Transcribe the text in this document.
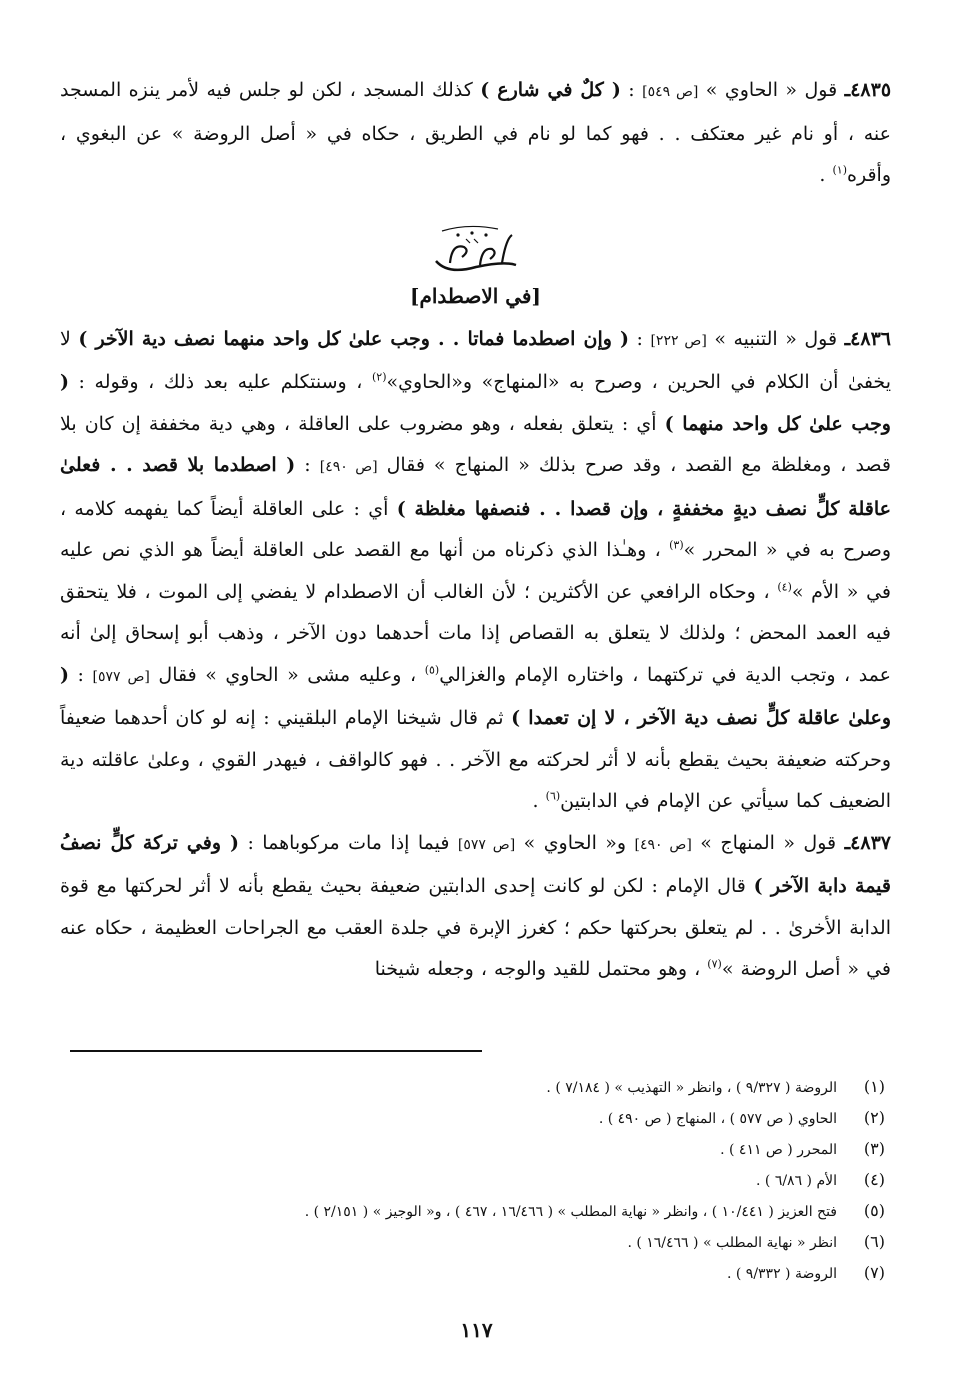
٤٨٣٥ـ قول « الحاوي » [ص ٥٤٩] : ( كلٌ في شارع ) كذلك المسجد ، لكن لو جلس فيه لأمر ينزه المسجد عنه ، أو نام غير معتكف . . فهو كما لو نام في الطريق ، حكاه في « أصل الروضة » عن البغوي ، وأقره$^{(١)}$ .

[في الاصطدام]

٤٨٣٦ـ قول « التنبيه » [ص ٢٢٢] : ( وإن اصطدما فماتا . . وجب علىٰ كل واحد منهما نصف دية الآخر ) لا يخفىٰ أن الكلام في الحرين ، وصرح به «المنهاج» و«الحاوي»$^{(٢)}$ ، وسنتكلم عليه بعد ذلك ، وقوله : ( وجب علىٰ كل واحد منهما ) أي : يتعلق بفعله ، وهو مضروب على العاقلة ، وهي دية مخففة إن كان بلا قصد ، ومغلظة مع القصد ، وقد صرح بذلك « المنهاج » فقال [ص ٤٩٠] : ( اصطدما بلا قصد . . فعلىٰ عاقلة كلٍّ نصف ديةٍ مخففةٍ ، وإن قصدا . . فنصفها مغلظة ) أي : على العاقلة أيضاً كما يفهمه كلامه ، وصرح به في « المحرر »$^{(٣)}$ ، وهـٰذا الذي ذكرناه من أنها مع القصد على العاقلة أيضاً هو الذي نص عليه في « الأم »$^{(٤)}$ ، وحكاه الرافعي عن الأكثرين ؛ لأن الغالب أن الاصطدام لا يفضي إلى الموت ، فلا يتحقق فيه العمد المحض ؛ ولذلك لا يتعلق به القصاص إذا مات أحدهما دون الآخر ، وذهب أبو إسحاق إلىٰ أنه عمد ، وتجب الدية في تركتهما ، واختاره الإمام والغزالي$^{(٥)}$ ، وعليه مشى « الحاوي » فقال [ص ٥٧٧] : ( وعلىٰ عاقلة كلٍّ نصف دية الآخر ، لا إن تعمدا ) ثم قال شيخنا الإمام البلقيني : إنه لو كان أحدهما ضعيفاً وحركته ضعيفة بحيث يقطع بأنه لا أثر لحركته مع الآخر . . فهو كالواقف ، فيهدر القوي ، وعلىٰ عاقلته دية الضعيف كما سيأتي عن الإمام في الدابتين$^{(٦)}$ .

٤٨٣٧ـ قول « المنهاج » [ص ٤٩٠] و« الحاوي » [ص ٥٧٧] فيما إذا مات مركوباهما : ( وفي تركة كلٍّ نصفُ قيمة دابة الآخر ) قال الإمام : لكن لو كانت إحدى الدابتين ضعيفة بحيث يقطع بأنه لا أثر لحركتها مع قوة الدابة الأخرىٰ . . لم يتعلق بحركتها حكم ؛ كغرز الإبرة في جلدة العقب مع الجراحات العظيمة ، حكاه عنه في « أصل الروضة »$^{(٧)}$ ، وهو محتمل للقيد والوجه ، وجعله شيخنا

(١)الروضة ( ٩/٣٢٧ ) ، وانظر « التهذيب » ( ٧/١٨٤ ) .
(٢)الحاوي ( ص ٥٧٧ ) ، المنهاج ( ص ٤٩٠ ) .
(٣)المحرر ( ص ٤١١ ) .
(٤)الأم ( ٦/٨٦ ) .
(٥)فتح العزيز ( ١٠/٤٤١ ) ، وانظر « نهاية المطلب » ( ١٦/٤٦٦ ، ٤٦٧ ) ، و« الوجيز » ( ٢/١٥١ ) .
(٦)انظر « نهاية المطلب » ( ١٦/٤٦٦ ) .
(٧)الروضة ( ٩/٣٣٢ ) .
١١٧
